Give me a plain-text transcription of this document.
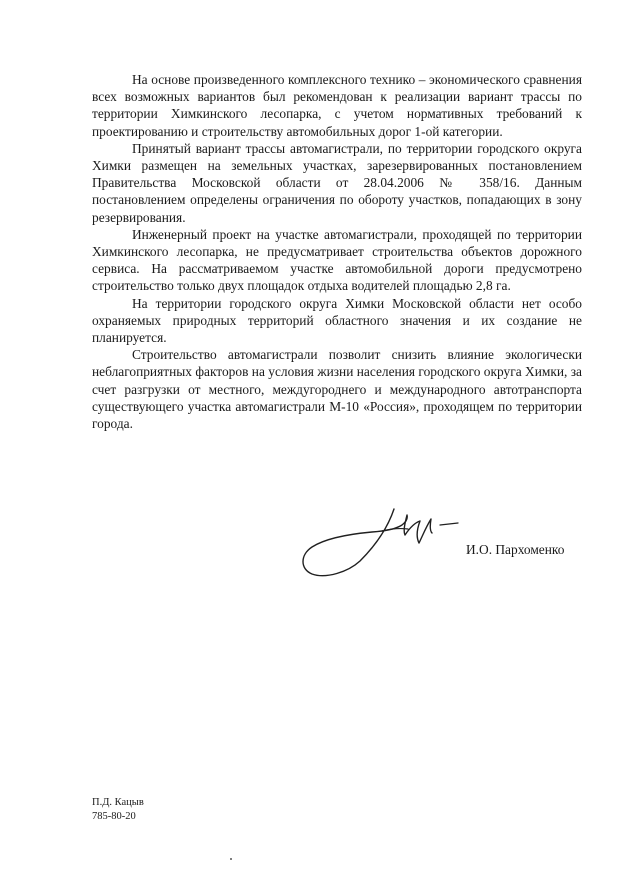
На основе произведенного комплексного технико – экономического сравнения всех возможных вариантов был рекомендован к реализации вариант трассы по территории Химкинского лесопарка, с учетом нормативных требований к проектированию и строительству автомобильных дорог 1-ой категории.

Принятый вариант трассы автомагистрали, по территории городского округа Химки размещен на земельных участках, зарезервированных постановлением Правительства Московской области от 28.04.2006 № 358/16. Данным постановлением определены ограничения по обороту участков, попадающих в зону резервирования.

Инженерный проект на участке автомагистрали, проходящей по территории Химкинского лесопарка, не предусматривает строительства объектов дорожного сервиса. На рассматриваемом участке автомобильной дороги предусмотрено строительство только двух площадок отдыха водителей площадью 2,8 га.

На территории городского округа Химки Московской области нет особо охраняемых природных территорий областного значения и их создание не планируется.

Строительство автомагистрали позволит снизить влияние экологически неблагоприятных факторов на условия жизни населения городского округа Химки, за счет разгрузки от местного, междугороднего и международного автотранспорта существующего участка автомагистрали М-10 «Россия», проходящем по территории города.

И.О. Пархоменко
П.Д. Кацыв
785-80-20
